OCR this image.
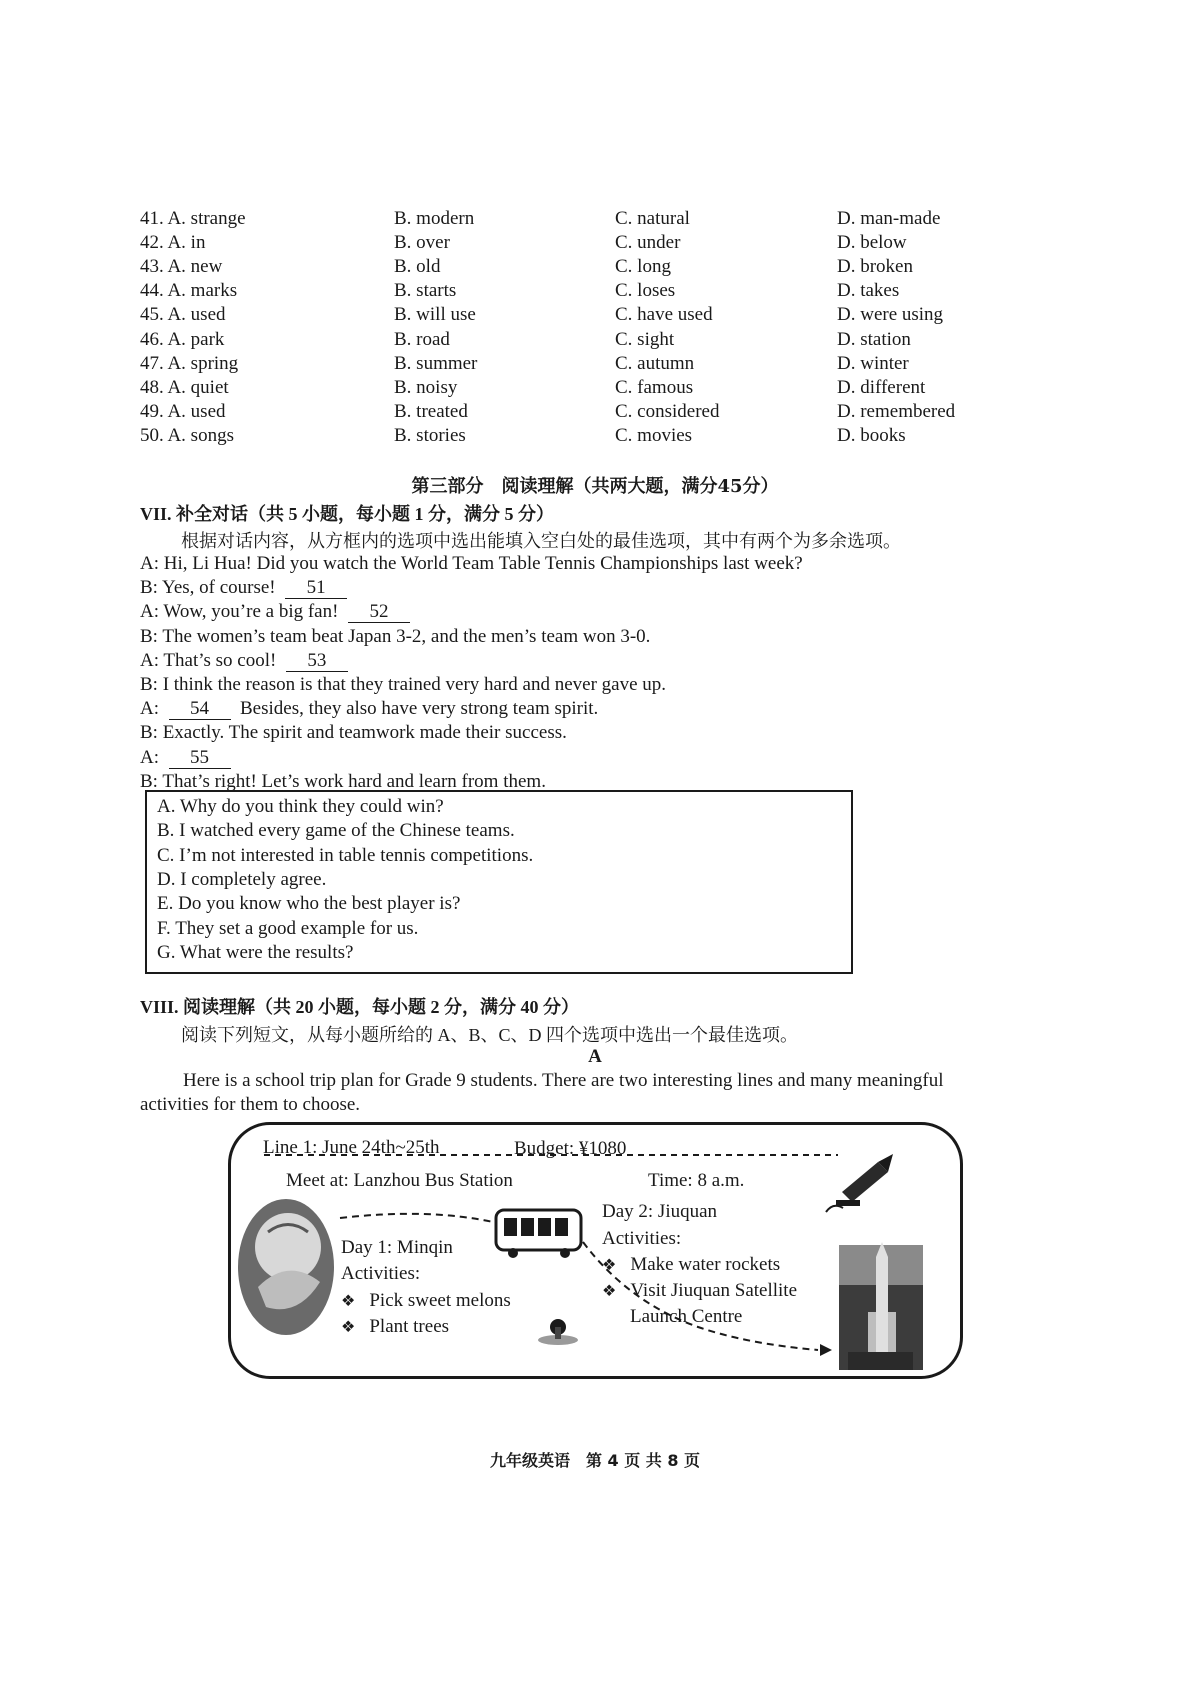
41. A. strange	B. modern	C. natural	D. man-made
42. A. in	B. over	C. under	D. below
43. A. new	B. old	C. long	D. broken
44. A. marks	B. starts	C. loses	D. takes
45. A. used	B. will use	C. have used	D. were using
46. A. park	B. road	C. sight	D. station
47. A. spring	B. summer	C. autumn	D. winter
48. A. quiet	B. noisy	C. famous	D. different
49. A. used	B. treated	C. considered	D. remembered
50. A. songs	B. stories	C. movies	D. books
第三部分　阅读理解（共两大题，满分45分）
VII. 补全对话（共 5 小题，每小题 1 分，满分 5 分）
根据对话内容，从方框内的选项中选出能填入空白处的最佳选项，其中有两个为多余选项。
A: Hi, Li Hua! Did you watch the World Team Table Tennis Championships last week?
B: Yes, of course! 51
A: Wow, you’re a big fan! 52
B: The women’s team beat Japan 3-2, and the men’s team won 3-0.
A: That’s so cool! 53
B: I think the reason is that they trained very hard and never gave up.
A: 54 Besides, they also have very strong team spirit.
B: Exactly. The spirit and teamwork made their success.
A: 55
B: That’s right! Let’s work hard and learn from them.
A. Why do you think they could win?
B. I watched every game of the Chinese teams.
C. I’m not interested in table tennis competitions.
D. I completely agree.
E. Do you know who the best player is?
F. They set a good example for us.
G. What were the results?
VIII. 阅读理解（共 20 小题，每小题 2 分，满分 40 分）
阅读下列短文，从每小题所给的 A、B、C、D 四个选项中选出一个最佳选项。
A
Here is a school trip plan for Grade 9 students. There are two interesting lines and many meaningful
activities for them to choose.
Line 1: June 24th~25th	Budget: ¥1080
Meet at: Lanzhou Bus Station	Time: 8 a.m.
Day 1: Minqin
Activities:
❖ Pick sweet melons
❖ Plant trees
Day 2: Jiuquan
Activities:
❖ Make water rockets
❖ Visit Jiuquan Satellite
Launch Centre
九年级英语　第 4 页 共 8 页
